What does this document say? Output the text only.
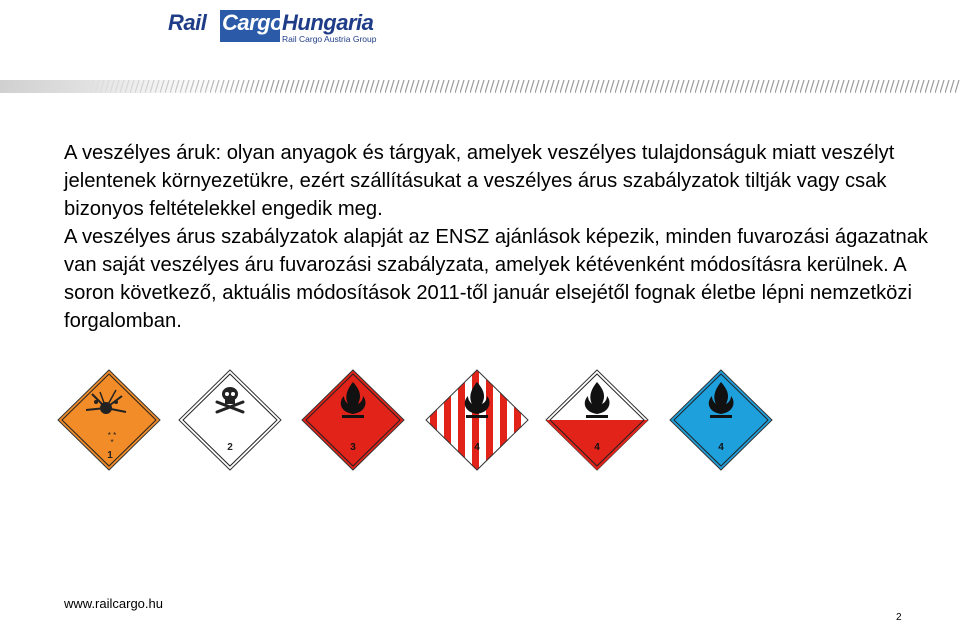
Rail Cargo
Hungaria
Rail Cargo Austria Group

A veszélyes áruk: olyan anyagok és tárgyak, amelyek veszélyes tulajdonságuk miatt veszélyt jelentenek környezetükre, ezért szállításukat a veszélyes árus szabályzatok tiltják vagy csak bizonyos feltételekkel engedik meg.

A veszélyes árus szabályzatok alapját az ENSZ ajánlások képezik, minden fuvarozási ágazatnak van saját veszélyes áru fuvarozási szabályzata, amelyek kétévenként módosításra kerülnek. A soron következő, aktuális módosítások 2011-től január elsejétől fognak életbe lépni nemzetközi forgalomban.

* *
*
1
2	3	4	4	4
www.railcargo.hu
2
